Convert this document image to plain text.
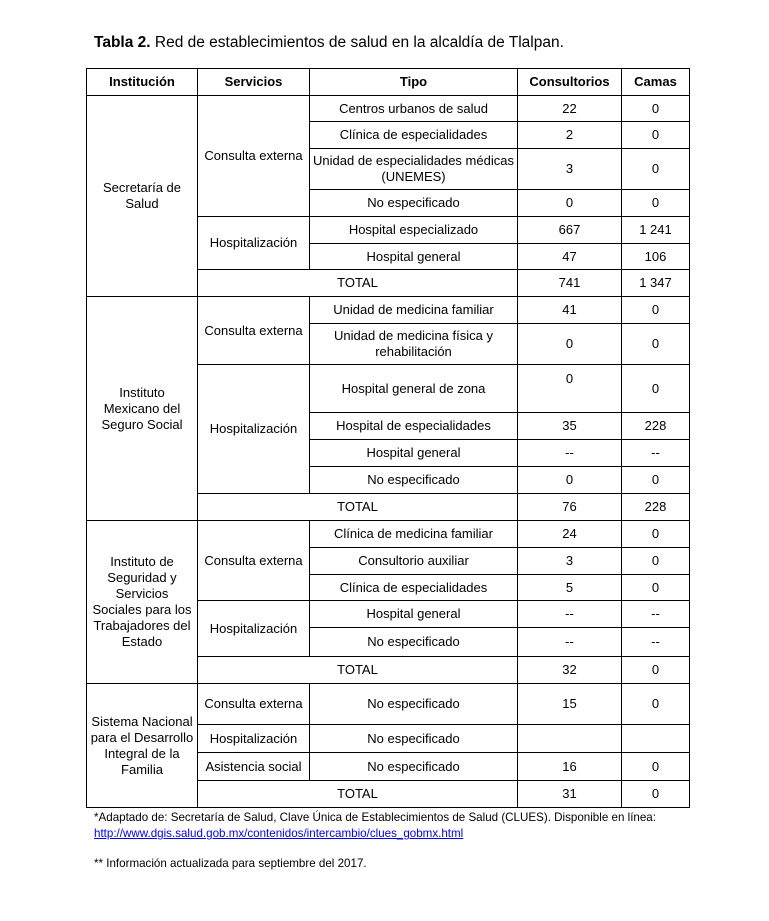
Tabla 2. Red de establecimientos de salud en la alcaldía de Tlalpan.
Institución	Servicios	Tipo	Consultorios	Camas
Secretaría de Salud	Consulta externa	Centros urbanos de salud	22	0
		Clínica de especialidades	2	0
		Unidad de especialidades médicas (UNEMES)	3	0
		No especificado	0	0
	Hospitalización	Hospital especializado	667	1 241
		Hospital general	47	106
	TOTAL		741	1 347
Instituto Mexicano del Seguro Social	Consulta externa	Unidad de medicina familiar	41	0
		Unidad de medicina física y rehabilitación	0	0
	Hospitalización	Hospital general de zona	0	0
		Hospital de especialidades	35	228
		Hospital general	--	--
		No especificado	0	0
	TOTAL		76	228
Instituto de Seguridad y Servicios Sociales para los Trabajadores del Estado	Consulta externa	Clínica de medicina familiar	24	0
		Consultorio auxiliar	3	0
		Clínica de especialidades	5	0
	Hospitalización	Hospital general	--	--
		No especificado	--	--
	TOTAL		32	0
Sistema Nacional para el Desarrollo Integral de la Familia	Consulta externa	No especificado	15	0
	Hospitalización	No especificado		
	Asistencia social	No especificado	16	0
	TOTAL		31	0
*Adaptado de: Secretaría de Salud, Clave Única de Establecimientos de Salud (CLUES). Disponible en línea:
http://www.dgis.salud.gob.mx/contenidos/intercambio/clues_gobmx.html
** Información actualizada para septiembre del 2017.
